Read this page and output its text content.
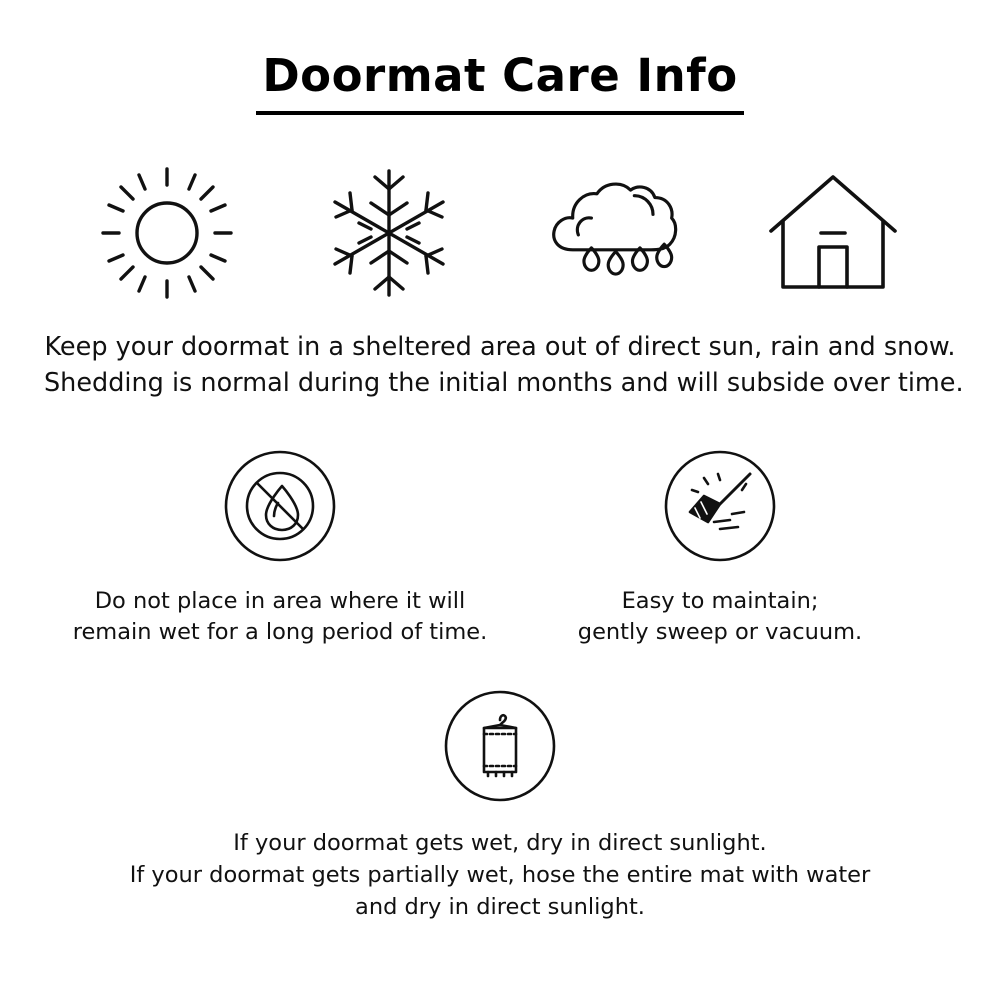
Doormat Care Info
Keep your doormat in a sheltered area out of direct sun, rain and snow.
Shedding is normal during the initial months and will subside over time.
Do not place in area where it will
remain wet for a long period of time.
Easy to maintain;
gently sweep or vacuum.
If your doormat gets wet, dry in direct sunlight.
If your doormat gets partially wet, hose the entire mat with water
and dry in direct sunlight.
